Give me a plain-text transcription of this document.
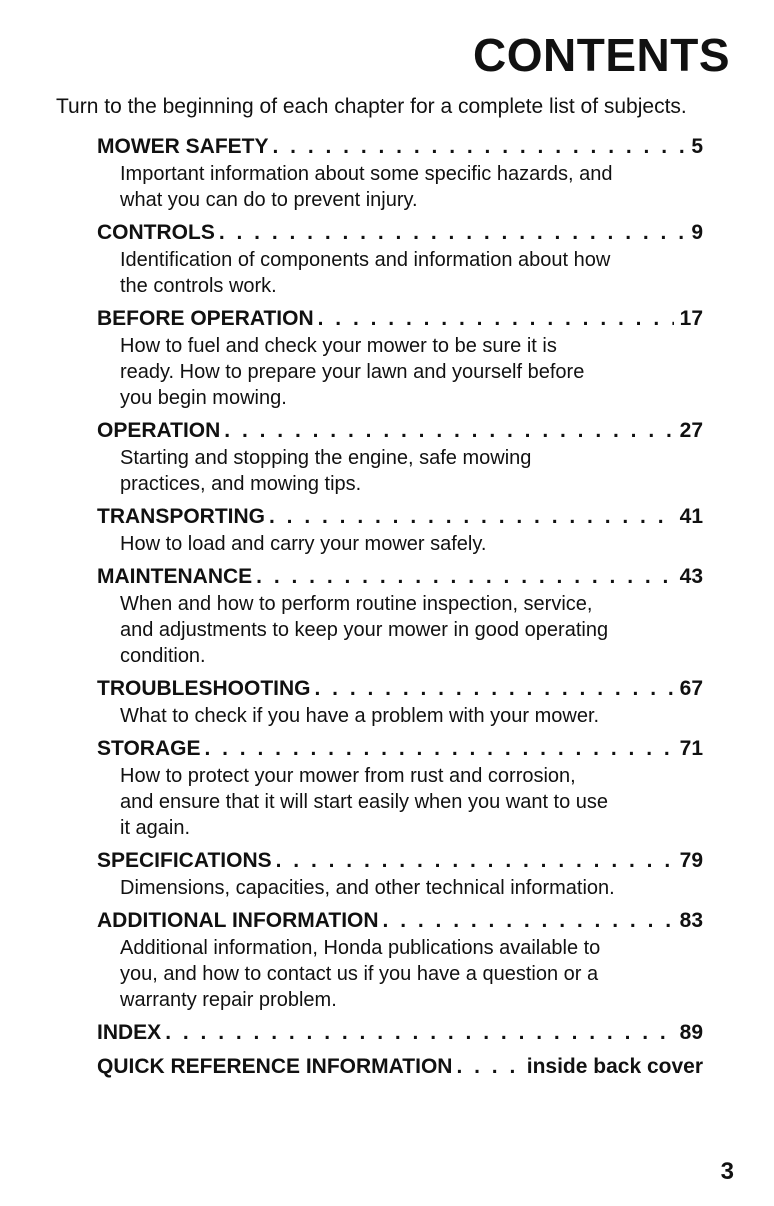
CONTENTS

Turn to the beginning of each chapter for a complete list of subjects.

MOWER SAFETY . . .	5

Important information about some specific hazards, and
what you can do to prevent injury.

CONTROLS . . .	9

Identification of components and information about how
the controls work.

BEFORE OPERATION . . .	17

How to fuel and check your mower to be sure it is
ready. How to prepare your lawn and yourself before
you begin mowing.

OPERATION . . .	27

Starting and stopping the engine, safe mowing
practices, and mowing tips.

TRANSPORTING . . .	41

How to load and carry your mower safely.

MAINTENANCE . . .	43

When and how to perform routine inspection, service,
and adjustments to keep your mower in good operating
condition.

TROUBLESHOOTING . . .	67

What to check if you have a problem with your mower.

STORAGE . . .	71

How to protect your mower from rust and corrosion,
and ensure that it will start easily when you want to use
it again.

SPECIFICATIONS . . .	79

Dimensions, capacities, and other technical information.

ADDITIONAL INFORMATION . . .	83

Additional information, Honda publications available to
you, and how to contact us if you have a question or a
warranty repair problem.

INDEX . . .	89
QUICK REFERENCE INFORMATION . . .	inside back cover

3
